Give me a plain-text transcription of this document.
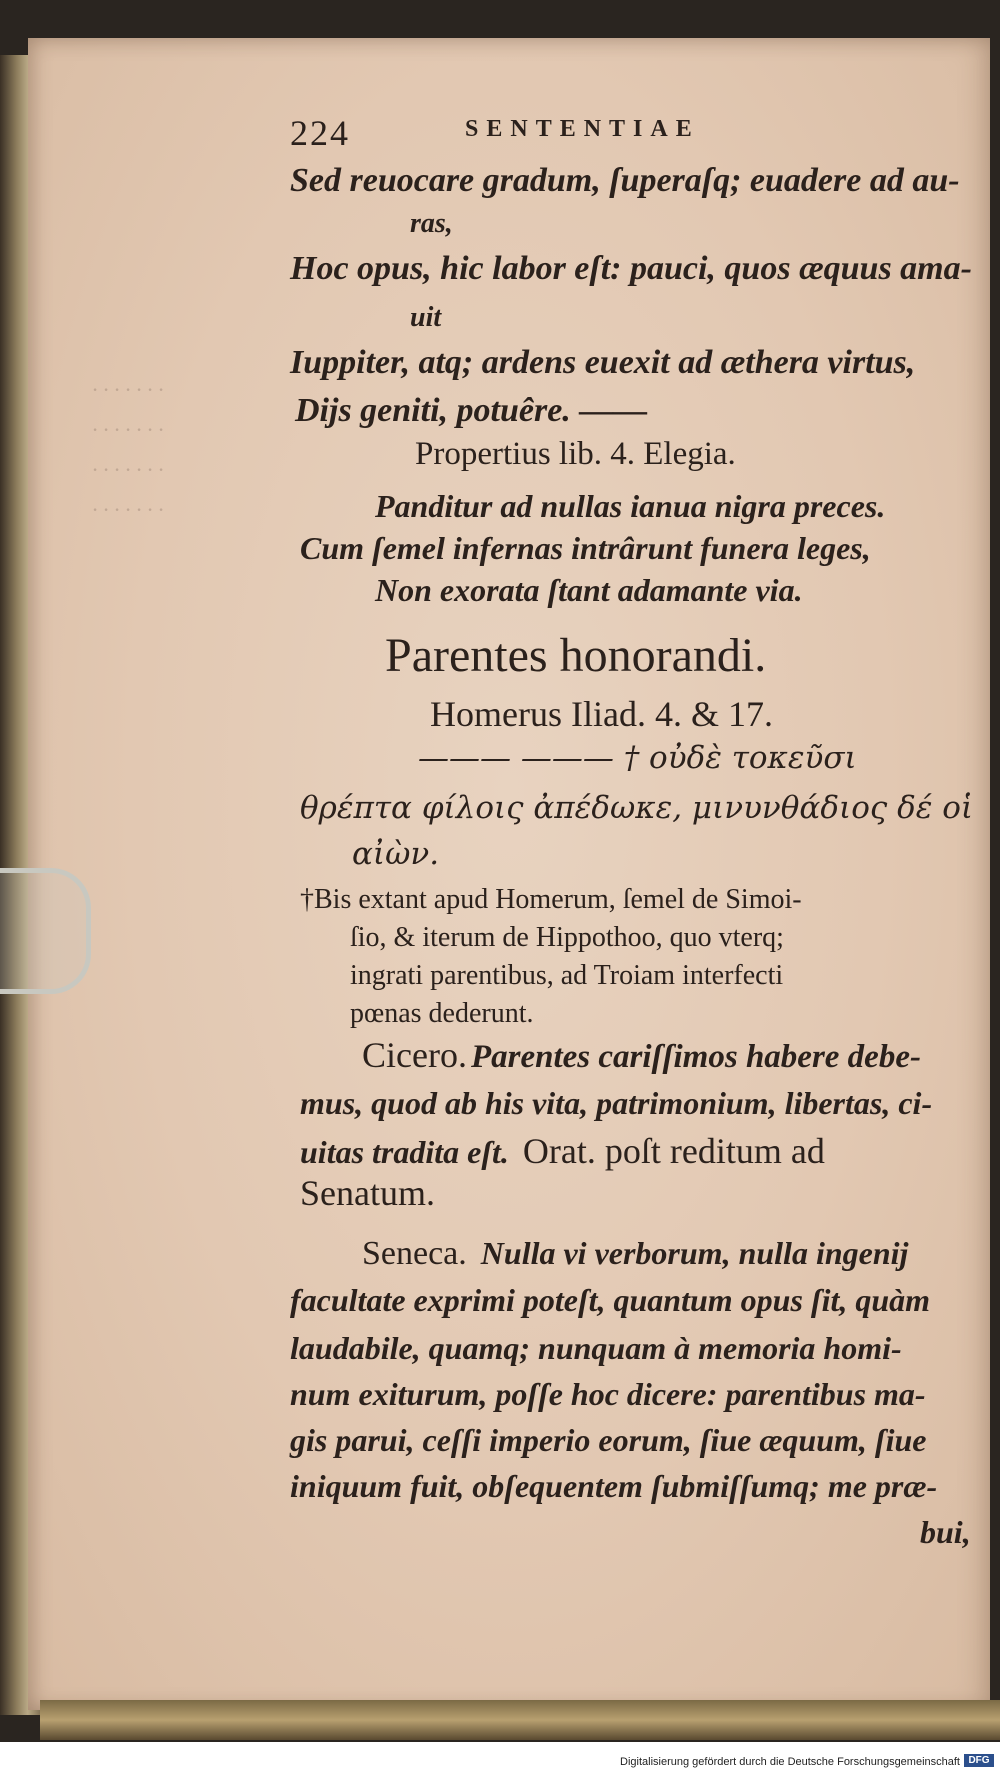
· · · · · · ·
· · · · · · ·
· · · · · · ·
· · · · · · ·
224	SENTENTIAE
Sed reuocare gradum, ſuperaſq; euadere ad au-
ras,
Hoc opus, hic labor eſt: pauci, quos æquus ama-
uit
Iuppiter, atq; ardens euexit ad æthera virtus,
Dijs geniti, potuêre. ——
Propertius lib. 4. Elegia.
Panditur ad nullas ianua nigra preces.
Cum ſemel infernas intrârunt funera leges,
Non exorata ſtant adamante via.
Parentes honorandi.
Homerus Iliad. 4. & 17.
——— ——— † οὐδὲ τοκεῦσι
θρέπτα φίλοις ἀπέδωκε, μινυνθάδιος δέ οἱ
αἰὼν.
†Bis extant apud Homerum, ſemel de Simoi-
ſio, & iterum de Hippothoo, quo vterq;
ingrati parentibus, ad Troiam interfecti
pœnas dederunt.
Cicero. Parentes cariſſimos habere debe-
mus, quod ab his vita, patrimonium, libertas, ci-
uitas tradita eſt. Orat. poſt reditum ad
Senatum.
Seneca. Nulla vi verborum, nulla ingenij
facultate exprimi poteſt, quantum opus ſit, quàm
laudabile, quamq; nunquam à memoria homi-
num exiturum, poſſe hoc dicere: parentibus ma-
gis parui, ceſſi imperio eorum, ſiue æquum, ſiue
iniquum fuit, obſequentem ſubmiſſumq; me præ-
bui,
Digitalisierung gefördert durch die Deutsche Forschungsgemeinschaft DFG
